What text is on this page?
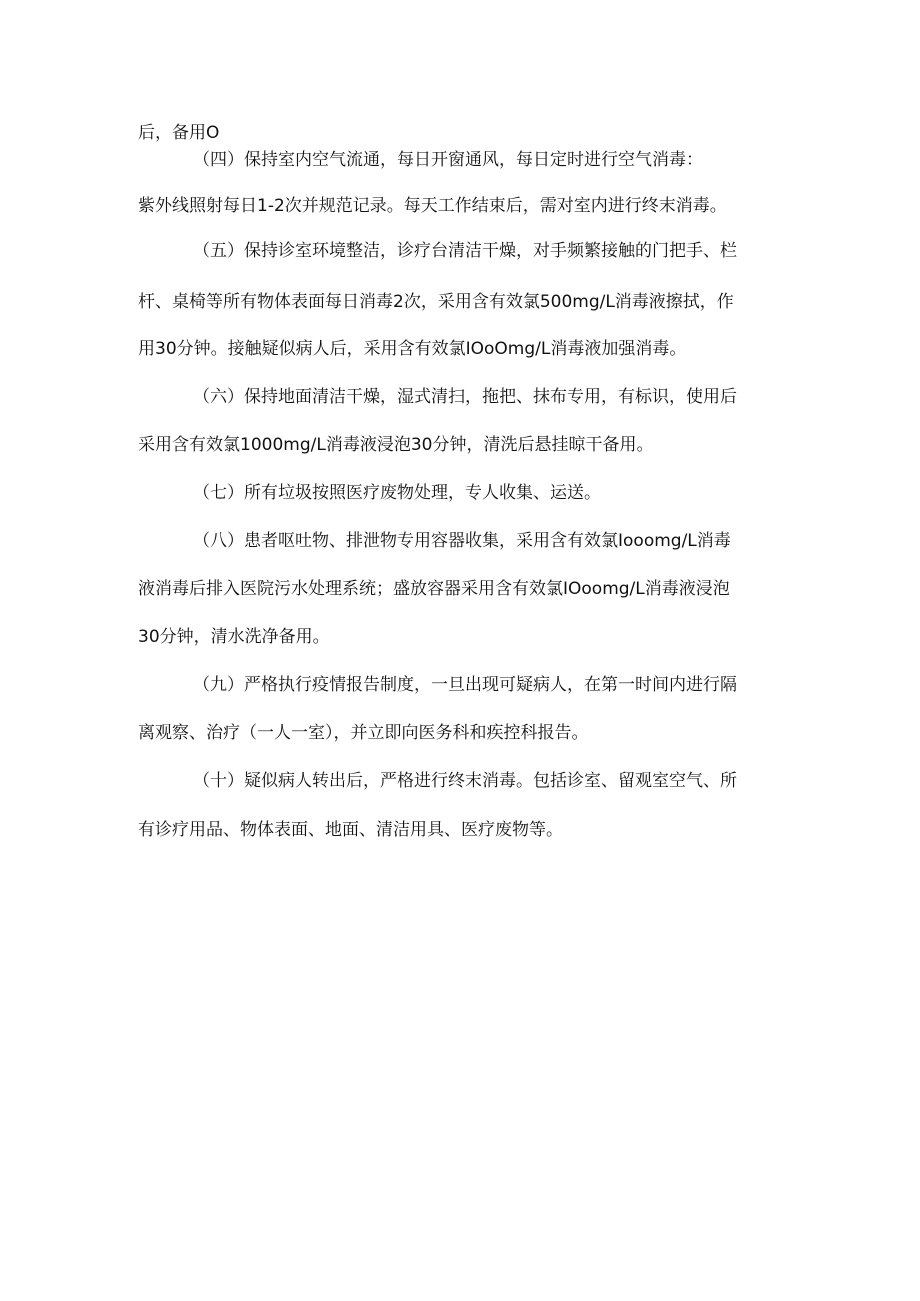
后，备用O
（四）保持室内空气流通，每日开窗通风，每日定时进行空气消毒：
紫外线照射每日1-2次并规范记录。每天工作结束后，需对室内进行终末消毒。
（五）保持诊室环境整洁，诊疗台清洁干燥，对手频繁接触的门把手、栏
杆、桌椅等所有物体表面每日消毒2次，采用含有效氯500mg∕L消毒液擦拭，作
用30分钟。接触疑似病人后，采用含有效氯IOoOmg/L消毒液加强消毒。
（六）保持地面清洁干燥，湿式清扫，拖把、抹布专用，有标识，使用后
采用含有效氯1000mg∕L消毒液浸泡30分钟，清洗后悬挂晾干备用。
（七）所有垃圾按照医疗废物处理，专人收集、运送。
（八）患者呕吐物、排泄物专用容器收集，采用含有效氯Iooomg/L消毒
液消毒后排入医院污水处理系统；盛放容器采用含有效氯IOoomg/L消毒液浸泡
30分钟，清水洗净备用。
（九）严格执行疫情报告制度，一旦出现可疑病人，在第一时间内进行隔
离观察、治疗（一人一室），并立即向医务科和疾控科报告。
（十）疑似病人转出后，严格进行终末消毒。包括诊室、留观室空气、所
有诊疗用品、物体表面、地面、清洁用具、医疗废物等。
